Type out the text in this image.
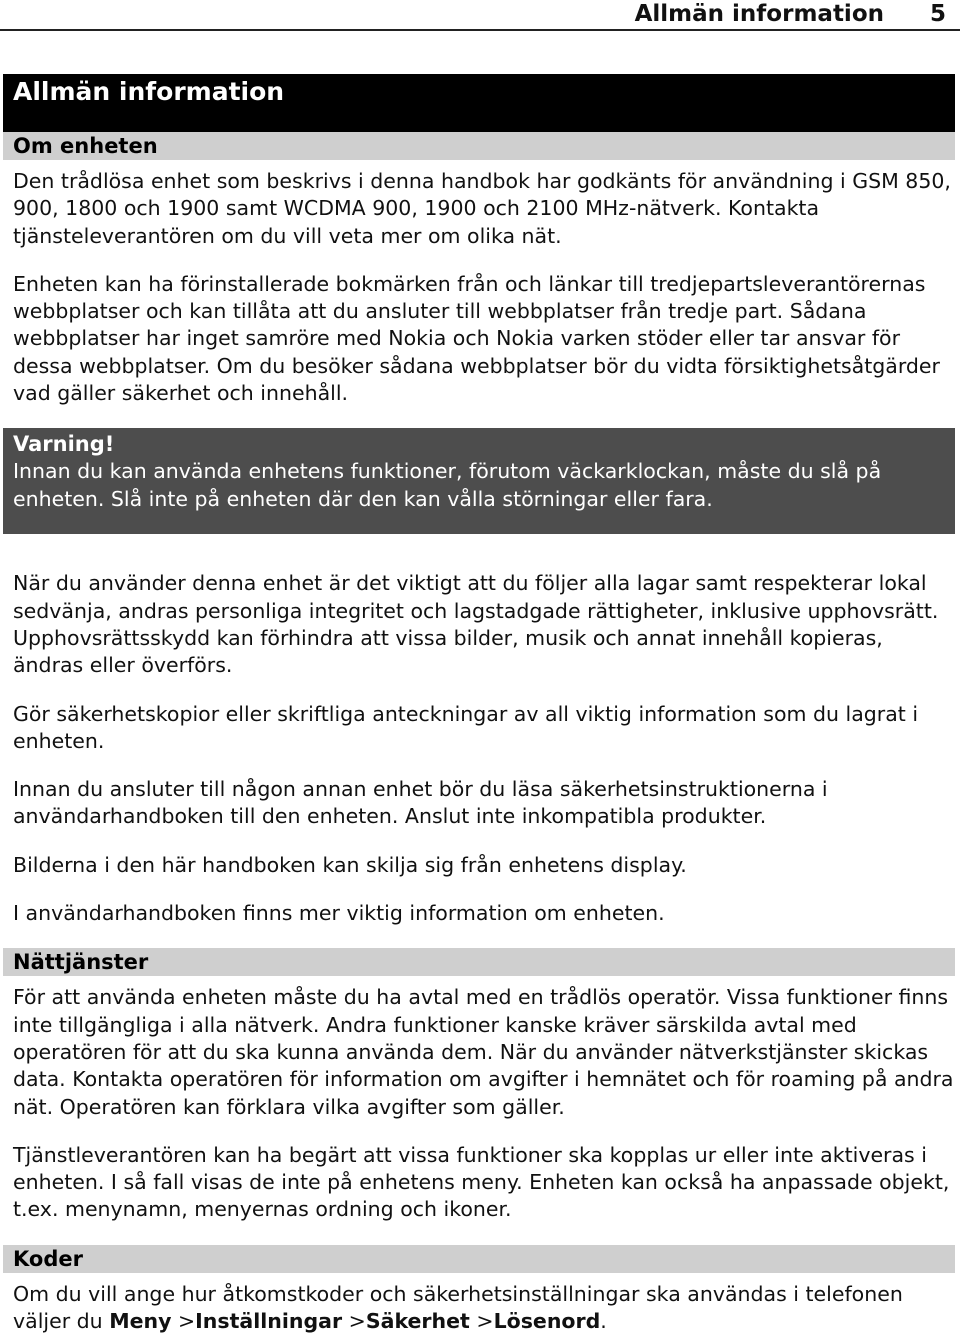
Allmän information 5
Allmän information
Om enheten

Den trådlösa enhet som beskrivs i denna handbok har godkänts för användning i GSM 850, 900, 1800 och 1900 samt WCDMA 900, 1900 och 2100 MHz-nätverk. Kontakta tjänsteleverantören om du vill veta mer om olika nät.

Enheten kan ha förinstallerade bokmärken från och länkar till tredjepartsleverantörernas webbplatser och kan tillåta att du ansluter till webbplatser från tredje part. Sådana webbplatser har inget samröre med Nokia och Nokia varken stöder eller tar ansvar för dessa webbplatser. Om du besöker sådana webbplatser bör du vidta försiktighetsåtgärder vad gäller säkerhet och innehåll.

Varning!
Innan du kan använda enhetens funktioner, förutom väckarklockan, måste du slå på enheten. Slå inte på enheten där den kan vålla störningar eller fara.

När du använder denna enhet är det viktigt att du följer alla lagar samt respekterar lokal sedvänja, andras personliga integritet och lagstadgade rättigheter, inklusive upphovsrätt. Upphovsrättsskydd kan förhindra att vissa bilder, musik och annat innehåll kopieras, ändras eller överförs.

Gör säkerhetskopior eller skriftliga anteckningar av all viktig information som du lagrat i enheten.

Innan du ansluter till någon annan enhet bör du läsa säkerhetsinstruktionerna i användarhandboken till den enheten. Anslut inte inkompatibla produkter.

Bilderna i den här handboken kan skilja sig från enhetens display.

I användarhandboken finns mer viktig information om enheten.

Nättjänster

För att använda enheten måste du ha avtal med en trådlös operatör. Vissa funktioner finns inte tillgängliga i alla nätverk. Andra funktioner kanske kräver särskilda avtal med operatören för att du ska kunna använda dem. När du använder nätverkstjänster skickas data. Kontakta operatören för information om avgifter i hemnätet och för roaming på andra nät. Operatören kan förklara vilka avgifter som gäller.

Tjänstleverantören kan ha begärt att vissa funktioner ska kopplas ur eller inte aktiveras i enheten. I så fall visas de inte på enhetens meny. Enheten kan också ha anpassade objekt, t.ex. menynamn, menyernas ordning och ikoner.

Koder

Om du vill ange hur åtkomstkoder och säkerhetsinställningar ska användas i telefonen väljer du Meny >Inställningar >Säkerhet >Lösenord.
